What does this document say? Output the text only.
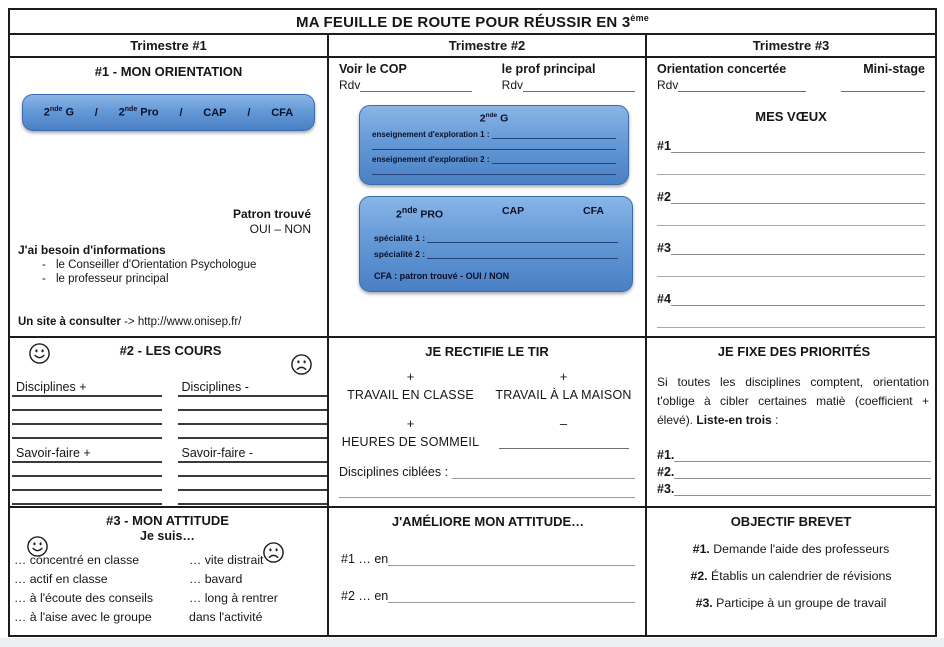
MA FEUILLE DE ROUTE POUR RÉUSSIR EN 3ème
Trimestre #1	Trimestre #2	Trimestre #3
#1 - MON ORIENTATION
2nde G / 2nde Pro / CAP / CFA
Patron trouvé
OUI – NON
J'ai besoin d'informations
- le Conseiller d'Orientation Psychologue
- le professeur principal
Un site à consulter -> http://www.onisep.fr/
Voir le COP
Rdv
le prof principal
Rdv
2nde G
enseignement d'exploration 1 :

enseignement d'exploration 2 :

2nde PRO	CAP	CFA
spécialité 1 :

spécialité 2 :

CFA : patron trouvé - OUI / NON
Orientation concertée
Rdv
Mini-stage
MES VŒUX
#1
#2
#3
#4
#2 - LES COURS
Disciplines +
Savoir-faire +
Disciplines -
Savoir-faire -
JE RECTIFIE LE TIR
+
TRAVAIL EN CLASSE
+
TRAVAIL À LA MAISON
+
HEURES DE SOMMEIL
–
Disciplines ciblées :

JE FIXE DES PRIORITÉS

Si toutes les disciplines comptent, orientation t'oblige à cibler certaines matiè (coefficient + élevé). Liste-en trois :

#1.
#2.
#3.
#3 - MON ATTITUDE
Je suis…
… concentré en classe
… actif en classe
… à l'écoute des conseils
… à l'aise avec le groupe
… vite distrait
… bavard
… long à rentrer
dans l'activité
J'AMÉLIORE MON ATTITUDE…
#1 … en
#2 … en
OBJECTIF BREVET
#1. Demande l'aide des professeurs
#2. Établis un calendrier de révisions
#3. Participe à un groupe de travail
